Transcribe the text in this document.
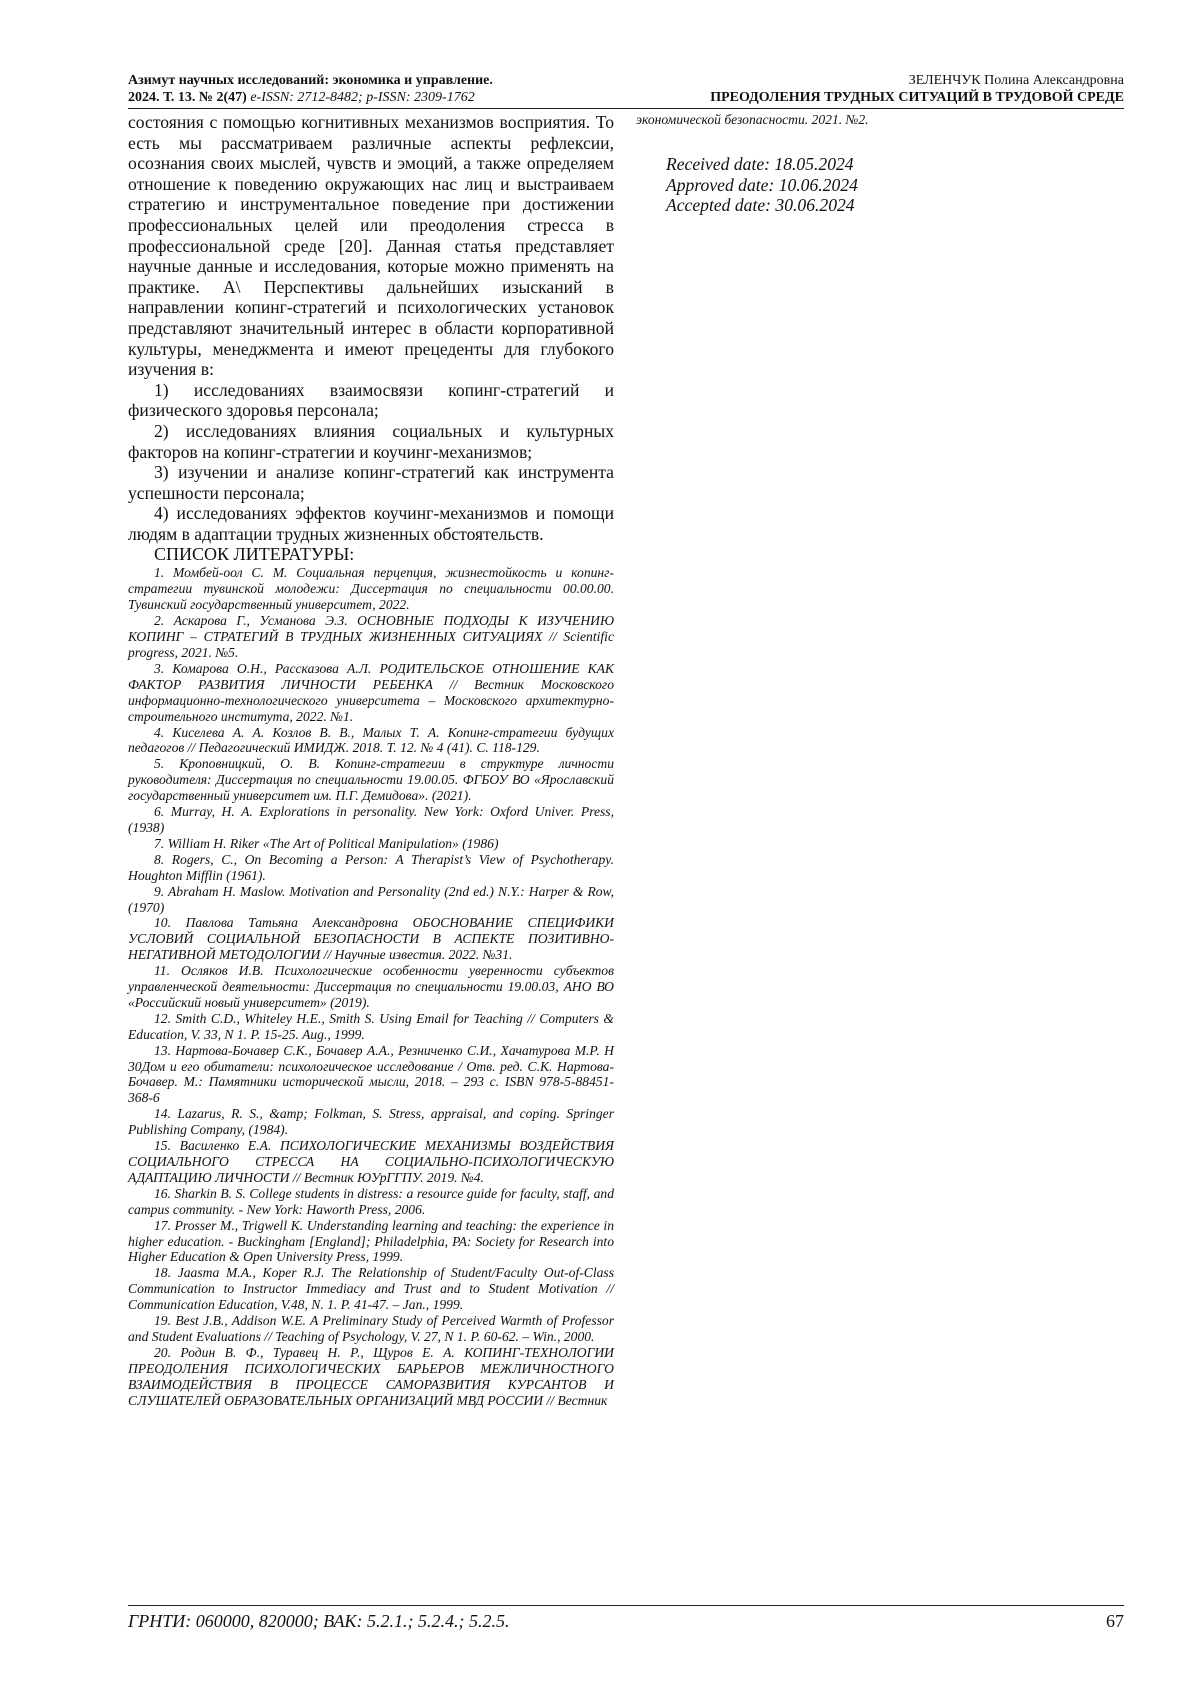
Азимут научных исследований: экономика и управление.
2024. Т. 13. № 2(47) e-ISSN: 2712-8482; p-ISSN: 2309-1762
ЗЕЛЕНЧУК Полина Александровна
ПРЕОДОЛЕНИЯ ТРУДНЫХ СИТУАЦИЙ В ТРУДОВОЙ СРЕДЕ

состояния с помощью когнитивных механизмов восприятия. То есть мы рассматриваем различные аспекты рефлексии, осознания своих мыслей, чувств и эмоций, а также определяем отношение к поведению окружающих нас лиц и выстраиваем стратегию и инструментальное поведение при достижении профессиональных целей или преодоления стресса в профессиональной среде [20]. Данная статья представляет научные данные и исследования, которые можно применять на практике. А\ Перспективы дальнейших изысканий в направлении копинг-стратегий и психологических установок представляют значительный интерес в области корпоративной культуры, менеджмента и имеют прецеденты для глубокого изучения в:

1) исследованиях взаимосвязи копинг-стратегий и физического здоровья персонала;

2) исследованиях влияния социальных и культурных факторов на копинг-стратегии и коучинг-механизмов;

3) изучении и анализе копинг-стратегий как инструмента успешности персонала;

4) исследованиях эффектов коучинг-механизмов и помощи людям в адаптации трудных жизненных обстоятельств.

СПИСОК ЛИТЕРАТУРЫ:

1. Момбей-оол С. М. Социальная перцепция, жизнестойкость и копинг-стратегии тувинской молодежи: Диссертация по специальности 00.00.00. Тувинский государственный университет, 2022.

2. Аскарова Г., Усманова Э.З. ОСНОВНЫЕ ПОДХОДЫ К ИЗУЧЕНИЮ КОПИНГ – СТРАТЕГИЙ В ТРУДНЫХ ЖИЗНЕННЫХ СИТУАЦИЯХ // Scientific progress, 2021. №5.

3. Комарова О.Н., Рассказова А.Л. РОДИТЕЛЬСКОЕ ОТНОШЕНИЕ КАК ФАКТОР РАЗВИТИЯ ЛИЧНОСТИ РЕБЕНКА // Вестник Московского информационно-технологического университета – Московского архитектурно-строительного института, 2022. №1.

4. Киселева А. А. Козлов В. В., Малых Т. А. Копинг-стратегии будущих педагогов // Педагогический ИМИДЖ. 2018. Т. 12. № 4 (41). С. 118-129.

5. Кроповницкий, О. В. Копинг-стратегии в структуре личности руководителя: Диссертация по специальности 19.00.05. ФГБОУ ВО «Ярославский государственный университет им. П.Г. Демидова». (2021).

6. Murray, H. A. Explorations in personality. New York: Oxford Univer. Press, (1938)

7. William H. Riker «The Art of Political Manipulation» (1986)

8. Rogers, C., On Becoming a Person: A Therapist’s View of Psychotherapy. Houghton Mifflin (1961).

9. Abraham H. Maslow. Motivation and Personality (2nd ed.) N.Y.: Harper & Row, (1970)

10. Павлова Татьяна Александровна ОБОСНОВАНИЕ СПЕЦИФИКИ УСЛОВИЙ СОЦИАЛЬНОЙ БЕЗОПАСНОСТИ В АСПЕКТЕ ПОЗИТИВНО-НЕГАТИВНОЙ МЕТОДОЛОГИИ // Научные известия. 2022. №31.

11. Осляков И.В. Психологические особенности уверенности субъектов управленческой деятельности: Диссертация по специальности 19.00.03, АНО ВО «Российский новый университет» (2019).

12. Smith C.D., Whiteley H.E., Smith S. Using Email for Teaching // Computers & Education, V. 33, N 1. P. 15-25. Aug., 1999.

13. Нартова-Бочавер С.К., Бочавер А.А., Резниченко С.И., Хачатурова М.Р. Н 30Дом и его обитатели: психологическое исследование / Отв. ред. С.К. Нартова-Бочавер. М.: Памятники исторической мысли, 2018. – 293 с. ISBN 978-5-88451-368-6

14. Lazarus, R. S., &amp; Folkman, S. Stress, appraisal, and coping. Springer Publishing Company, (1984).

15. Василенко Е.А. ПСИХОЛОГИЧЕСКИЕ МЕХАНИЗМЫ ВОЗДЕЙСТВИЯ СОЦИАЛЬНОГО СТРЕССА НА СОЦИАЛЬНО-ПСИХОЛОГИЧЕСКУЮ АДАПТАЦИЮ ЛИЧНОСТИ // Вестник ЮУрГГПУ. 2019. №4.

16. Sharkin B. S. College students in distress: a resource guide for faculty, staff, and campus community. - New York: Haworth Press, 2006.

17. Prosser M., Trigwell K. Understanding learning and teaching: the experience in higher education. - Buckingham [England]; Philadelphia, PA: Society for Research into Higher Education & Open University Press, 1999.

18. Jaasma M.A., Koper R.J. The Relationship of Student/Faculty Out-of-Class Communication to Instructor Immediacy and Trust and to Student Motivation // Communication Education, V.48, N. 1. P. 41-47. – Jan., 1999.

19. Best J.B., Addison W.E. A Preliminary Study of Perceived Warmth of Professor and Student Evaluations // Teaching of Psychology, V. 27, N 1. P. 60-62. – Win., 2000.

20. Родин В. Ф., Туравец Н. Р., Щуров Е. А. КОПИНГ-ТЕХНОЛОГИИ ПРЕОДОЛЕНИЯ ПСИХОЛОГИЧЕСКИХ БАРЬЕРОВ МЕЖЛИЧНОСТНОГО ВЗАИМОДЕЙСТВИЯ В ПРОЦЕССЕ САМОРАЗВИТИЯ КУРСАНТОВ И СЛУШАТЕЛЕЙ ОБРАЗОВАТЕЛЬНЫХ ОРГАНИЗАЦИЙ МВД РОССИИ // Вестник

экономической безопасности. 2021. №2.

Received date: 18.05.2024
Approved date: 10.06.2024
Accepted date: 30.06.2024
ГРНТИ: 060000, 820000; ВАК: 5.2.1.; 5.2.4.; 5.2.5.	67
